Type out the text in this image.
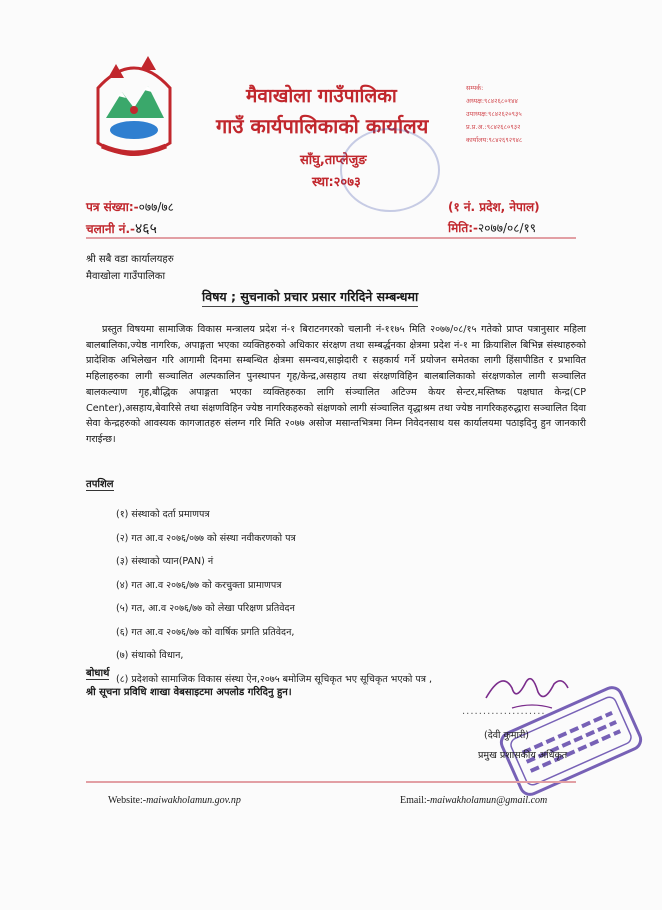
मैवाखोला गाउँपालिका
गाउँ कार्यपालिकाको कार्यालय
साँघु,ताप्लेजुङ
स्था:२०७३
सम्पर्क:
अध्यक्ष:९८४२६८०१४४
उपाध्यक्ष:९८४२६२०९३५
प्र.प्र.अ.:९८४२६८०९३२
कार्यालय:९८४२६९२९४८
पत्र संख्या:-०७७/७८
चलानी नं.-४६५
(१ नं. प्रदेश, नेपाल)
मिति:-२०७७/०८/१९
श्री सबै वडा कार्यालयहरु
मैवाखोला गाउँपालिका
विषय ; सुचनाको प्रचार प्रसार गरिदिने सम्बन्धमा

प्रस्तुत विषयमा सामाजिक विकास मन्त्रालय प्रदेश नं-१ बिराटनगरको चलानी नं-११७५ मिति २०७७/०८/१५ गतेको प्राप्त पत्रानुसार महिला बालबालिका,ज्येष्ठ नागरिक, अपाङ्गता भएका व्यक्तिहरुको अधिकार संरक्षण तथा सम्बर्द्धनका क्षेत्रमा प्रदेश नं-१ मा क्रियाशिल बिभिन्न संस्थाहरुको प्रादेशिक अभिलेखन गरि आगामी दिनमा सम्बन्धित क्षेत्रमा समन्वय,साझेदारी र सहकार्य गर्ने प्रयोजन समेतका लागी हिंसापीडित र प्रभावित महिलाहरुका लागी सञ्चालित अल्पकालिन पुनस्थापन गृह/केन्द्र,असहाय तथा संरक्षणविहिन बालबालिकाको संरक्षणकोल लागी सञ्चालित बालकल्याण गृह,बौद्धिक अपाङ्गता भएका व्यक्तिहरुका लागि संञ्चालित अटिज्म केयर सेन्टर,मस्तिष्क पक्षघात केन्द्र(CP Center),असहाय,बेवारिसे तथा संक्षणविहिन ज्येष्ठ नागरिकहरुको संक्षणको लागी संञ्चालित वृद्धाश्रम तथा ज्येष्ठ नागरिकहरुद्धारा सञ्चालित दिवा सेवा केन्द्रहरुको आवस्यक कागजातहरु संलग्न गरि मिति २०७७ असोज मसान्तभित्रमा निम्न निवेदनसाथ यस कार्यालयमा पठाइदिनु हुन जानकारी गराईन्छ।

तपशिल
(१) संस्थाको दर्ता प्रमाणपत्र
(२) गत आ.व २०७६/०७७ को संस्था नवीकरणको पत्र
(३) संस्थाको प्यान(PAN) नं
(४) गत आ.व २०७६/७७ को करचुक्ता प्रामाणपत्र
(५) गत, आ.व २०७६/७७ को लेखा परिक्षण प्रतिवेदन
(६) गत आ.व २०७६/७७ को वार्षिक प्रगति प्रतिवेदन,
(७) संथाको विधान,
(८) प्रदेशको सामाजिक विकास संस्था ऐन,२०७५ बमोजिम सूचिकृत भए सूचिकृत भएको पत्र ,
बोधार्थ
श्री सूचना प्रविधि शाखा वेबसाइटमा अपलोड गरिदिनु हुन।
....................
(देवी कुमारी)
प्रमुख प्रशासकीय अधिकृत
Website:-maiwakholamun.gov.np	Email:-maiwakholamun@gmail.com
